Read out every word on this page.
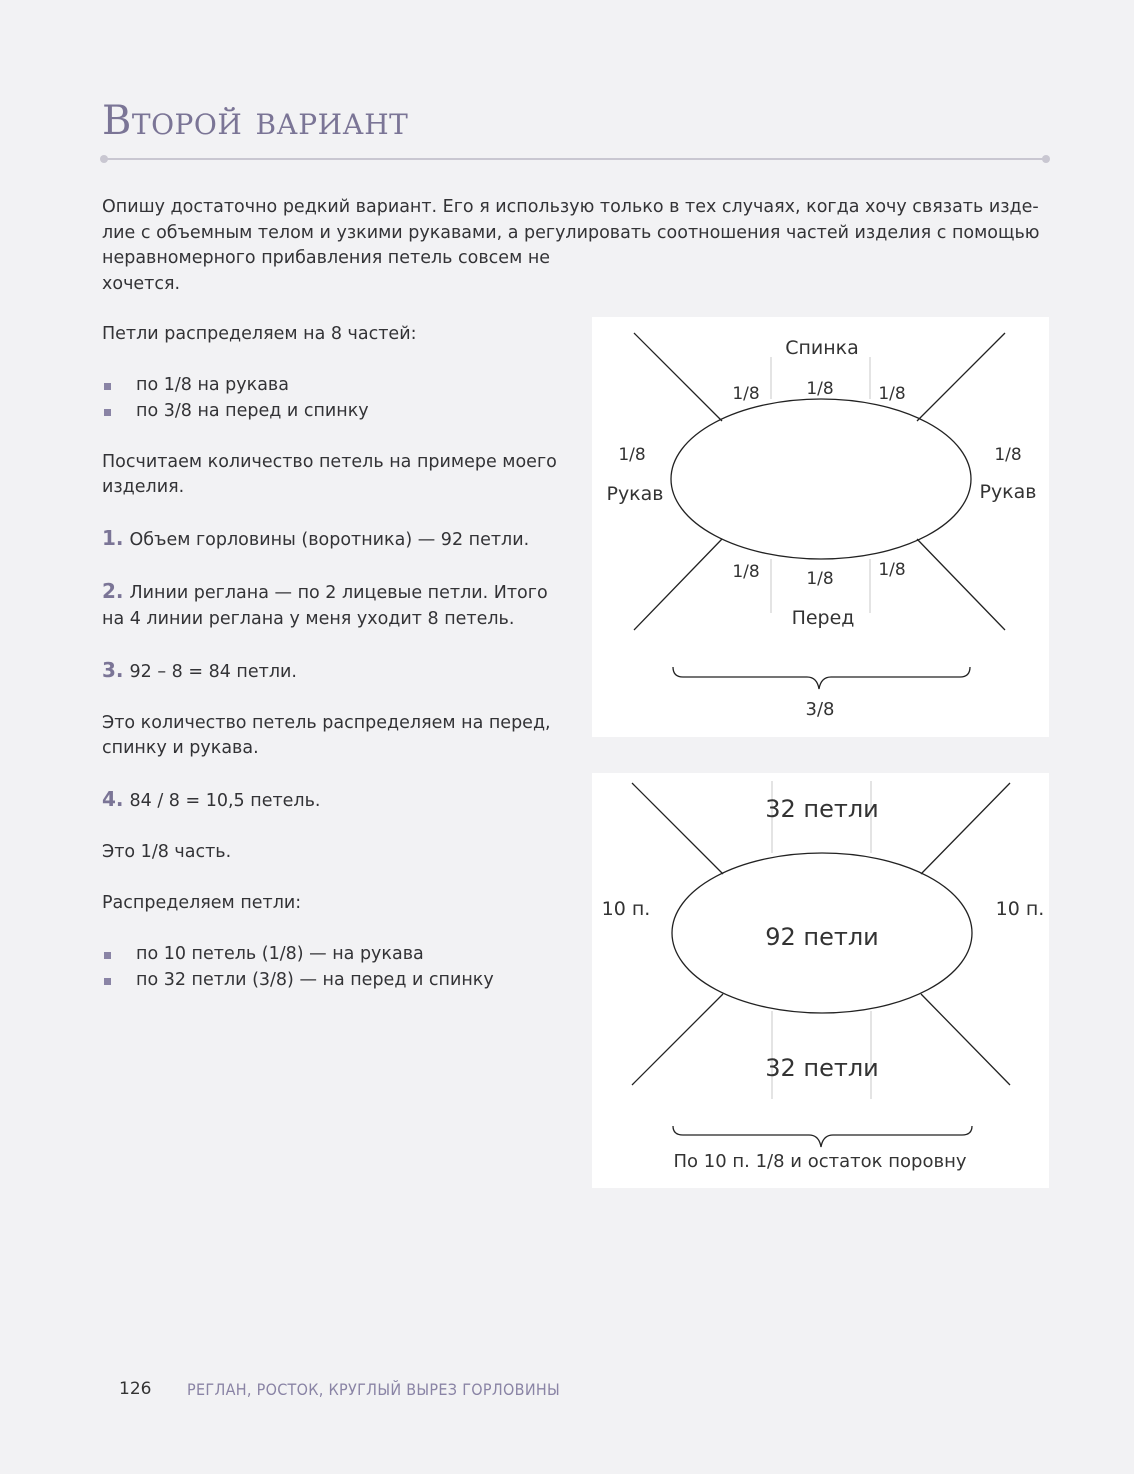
Второй вариант
Опишу достаточно редкий вариант. Его я использую только в тех случаях, когда хочу связать изде-
лие с объемным телом и узкими рукавами, а регулировать соотношения частей изделия с помощью
неравномерного прибавления петель совсем не
хочется.
Петли распределяем на 8 частей:
по 1/8 на рукава
по 3/8 на перед и спинку
Посчитаем количество петель на примере моего
изделия.
1. Объем горловины (воротника) — 92 петли.
2. Линии реглана — по 2 лицевые петли. Итого
на 4 линии реглана у меня уходит 8 петель.
3. 92 – 8 = 84 петли.
Это количество петель распределяем на перед,
спинку и рукава.
4. 84 / 8 = 10,5 петель.
Это 1/8 часть.
Распределяем петли:
по 10 петель (1/8) — на рукава
по 32 петли (3/8) — на перед и спинку
Спинка
1/8	1/8	1/8
1/8	1/8
Рукав	Рукав
1/8	1/8	1/8
Перед
3/8
32 петли
10 п.	10 п.
92 петли
32 петли
По 10 п. 1/8 и остаток поровну
126 РЕГЛАН, РОСТОК, КРУГЛЫЙ ВЫРЕЗ ГОРЛОВИНЫ
